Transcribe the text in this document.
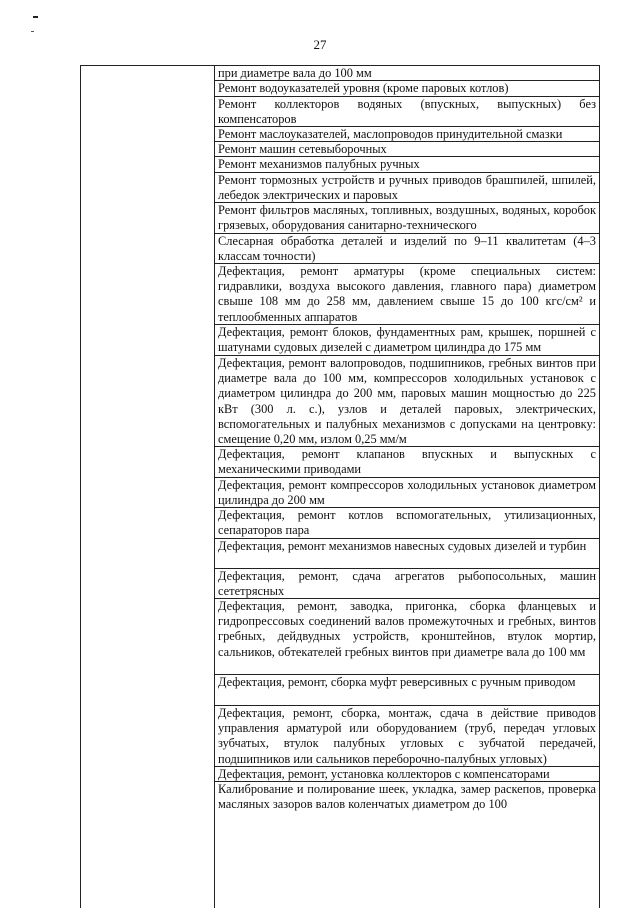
27
при диаметре вала до 100 мм
Ремонт водоуказателей уровня (кроме паровых котлов)
Ремонт коллекторов водяных (впускных, выпускных) без компенсаторов
Ремонт маслоуказателей, маслопроводов принудительной смазки
Ремонт машин сетевыборочных
Ремонт механизмов палубных ручных
Ремонт тормозных устройств и ручных приводов брашпилей, шпилей, лебедок электрических и паровых
Ремонт фильтров масляных, топливных, воздушных, водяных, коробок грязевых, оборудования санитарно-технического
Слесарная обработка деталей и изделий по 9–11 квалитетам (4–3 классам точности)
Дефектация, ремонт арматуры (кроме специальных систем: гидравлики, воздуха высокого давления, главного пара) диаметром свыше 108 мм до 258 мм, давлением свыше 15 до 100 кгс/см² и теплообменных аппаратов
Дефектация, ремонт блоков, фундаментных рам, крышек, поршней с шатунами судовых дизелей с диаметром цилиндра до 175 мм
Дефектация, ремонт валопроводов, подшипников, гребных винтов при диаметре вала до 100 мм, компрессоров холодильных установок с диаметром цилиндра до 200 мм, паровых машин мощностью до 225 кВт (300 л. с.), узлов и деталей паровых, электрических, вспомогательных и палубных механизмов с допусками на центровку: смещение 0,20 мм, излом 0,25 мм/м
Дефектация, ремонт клапанов впускных и выпускных с механическими приводами
Дефектация, ремонт компрессоров холодильных установок диаметром цилиндра до 200 мм
Дефектация, ремонт котлов вспомогательных, утилизационных, сепараторов пара
Дефектация, ремонт механизмов навесных судовых дизелей и турбин
Дефектация, ремонт, сдача агрегатов рыбопосольных, машин сететрясных
Дефектация, ремонт, заводка, пригонка, сборка фланцевых и гидропрессовых соединений валов промежуточных и гребных, винтов гребных, дейдвудных устройств, кронштейнов, втулок мортир, сальников, обтекателей гребных винтов при диаметре вала до 100 мм
Дефектация, ремонт, сборка муфт реверсивных с ручным приводом
Дефектация, ремонт, сборка, монтаж, сдача в действие приводов управления арматурой или оборудованием (труб, передач угловых зубчатых, втулок палубных угловых с зубчатой передачей, подшипников или сальников переборочно-палубных угловых)
Дефектация, ремонт, установка коллекторов с компенсаторами
Калибрование и полирование шеек, укладка, замер раскепов, проверка масляных зазоров валов коленчатых диаметром до 100
